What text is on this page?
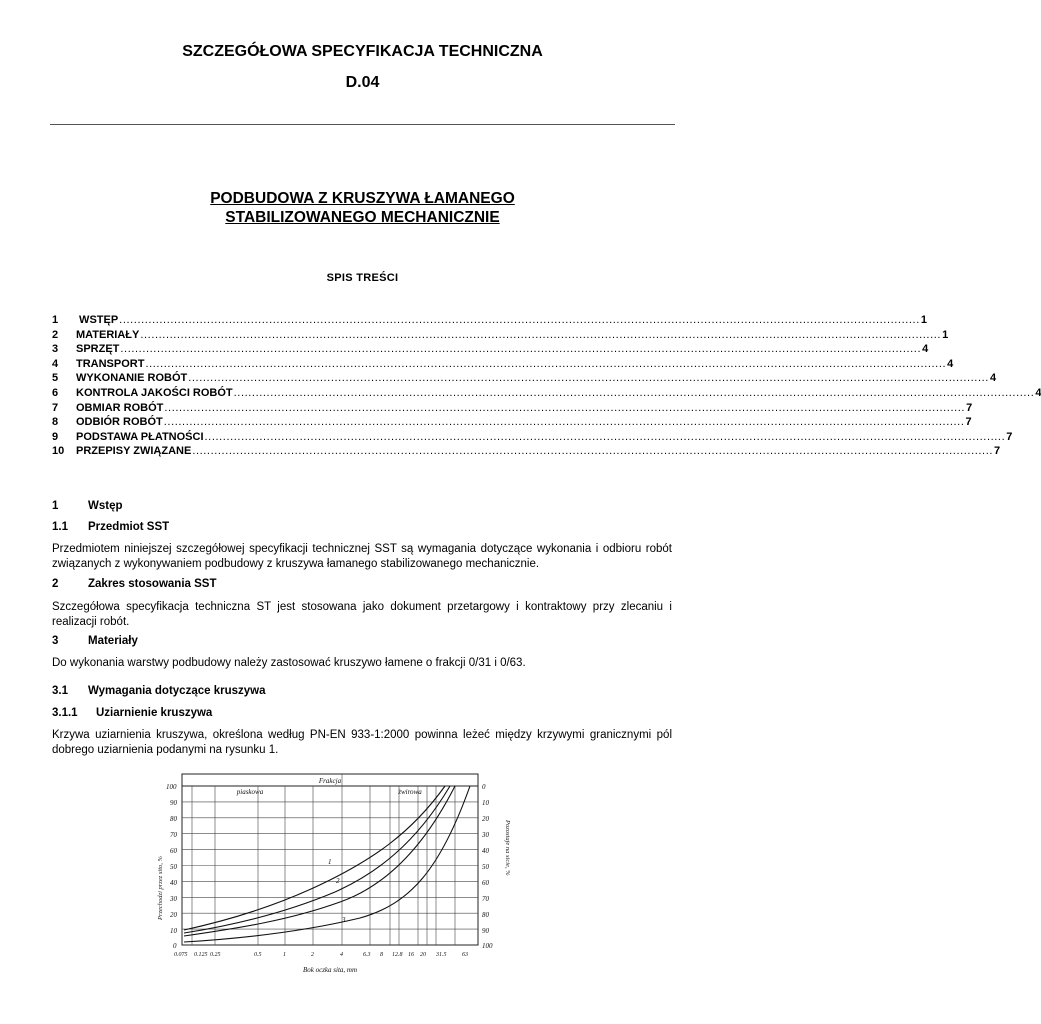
SZCZEGÓŁOWA SPECYFIKACJA TECHNICZNA
D.04
PODBUDOWA Z KRUSZYWA ŁAMANEGO
STABILIZOWANEGO MECHANICZNIE
SPIS TREŚCI
1	WSTĘP .....	1
2	MATERIAŁY .....	1
3	SPRZĘT .....	4
4	TRANSPORT .....	4
5	WYKONANIE ROBÓT .....	4
6	KONTROLA JAKOŚCI ROBÓT .....	4
7	OBMIAR ROBÓT .....	7
8	ODBIÓR ROBÓT .....	7
9	PODSTAWA PŁATNOŚCI .....	7
10	PRZEPISY ZWIĄZANE .....	7
1	Wstęp
1.1 Przedmiot SST
Przedmiotem niniejszej szczegółowej specyfikacji technicznej SST są wymagania dotyczące wykonania i odbioru robót związanych z wykonywaniem podbudowy z kruszywa łamanego stabilizowanego mechanicznie.
2	Zakres stosowania SST
Szczegółowa specyfikacja techniczna ST jest stosowana jako dokument przetargowy i kontraktowy przy zlecaniu i realizacji robót.
3	Materiały
Do wykonania warstwy podbudowy należy zastosować kruszywo łamene o frakcji 0/31 i 0/63.
3.1 Wymagania dotyczące kruszywa
3.1.1 Uziarnienie kruszywa
Krzywa uziarnienia kruszywa, określona według PN-EN 933-1:2000 powinna leżeć między krzywymi granicznymi pól dobrego uziarnienia podanymi na rysunku 1.
Frakcja
piaskowa	żwirowa
1
2
3
100
90
80
70
60
50
40
30
20
10
0
0
10
20
30
40
50
60
70
80
90
100
0.075 0.125 0.25	0.5	1	2	4	6.3 8 12.8 16 20 31.5	63
Bok oczka sita, mm
Przechodzi przez sito, %
Pozostaje na sicie, %
